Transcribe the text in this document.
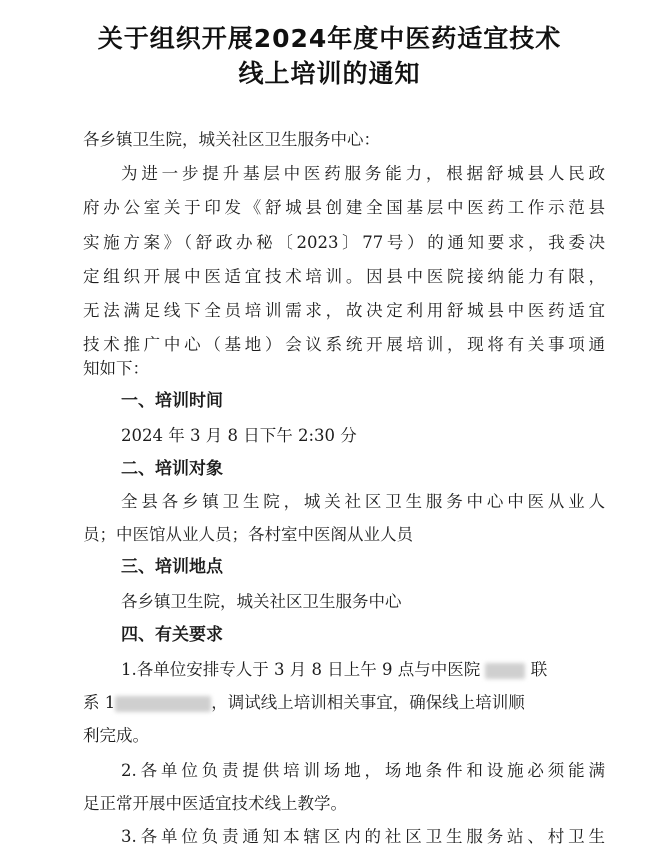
关于组织开展2024年度中医药适宜技术
线上培训的通知
各乡镇卫生院，城关社区卫生服务中心：
为进一步提升基层中医药服务能力，根据舒城县人民政
府办公室关于印发《舒城县创建全国基层中医药工作示范县
实施方案》（舒政办秘〔2023〕77号）的通知要求，我委决
定组织开展中医适宜技术培训。因县中医院接纳能力有限，
无法满足线下全员培训需求，故决定利用舒城县中医药适宜
技术推广中心（基地）会议系统开展培训，现将有关事项通
知如下：
一、培训时间
2024 年 3 月 8 日下午 2:30 分
二、培训对象
全县各乡镇卫生院，城关社区卫生服务中心中医从业人
员；中医馆从业人员；各村室中医阁从业人员
三、培训地点
各乡镇卫生院，城关社区卫生服务中心
四、有关要求
1.各单位安排专人于 3 月 8 日上午 9 点与中医院	联
系 1	，调试线上培训相关事宜，确保线上培训顺
利完成。
2.各单位负责提供培训场地，场地条件和设施必须能满
足正常开展中医适宜技术线上教学。
3.各单位负责通知本辖区内的社区卫生服务站、村卫生
